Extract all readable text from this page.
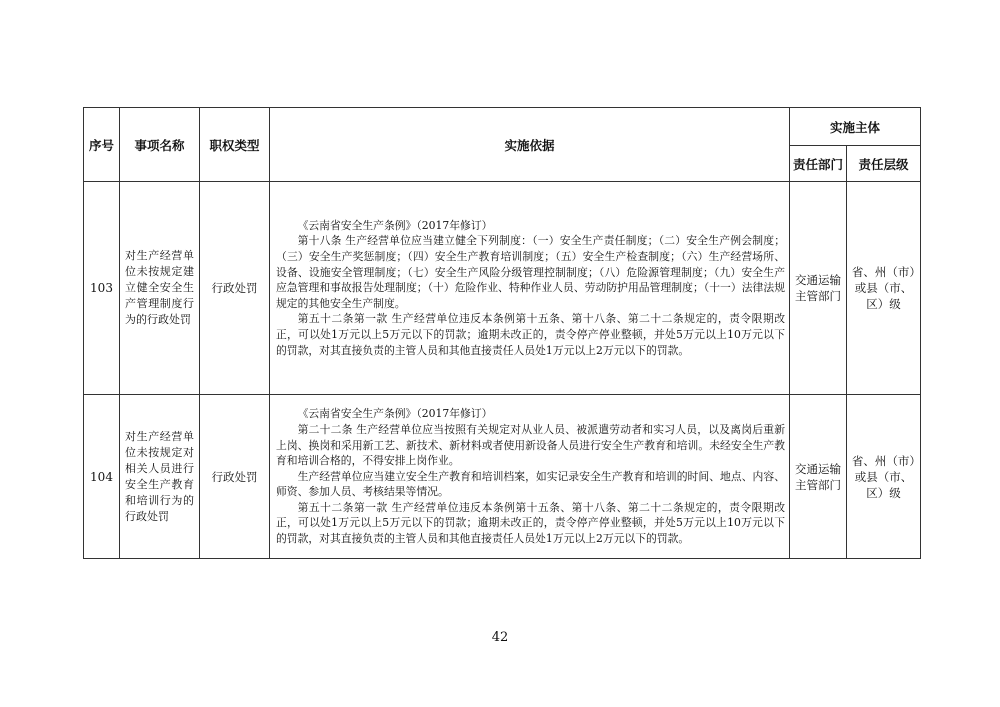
序号	事项名称	职权类型	实施依据	实施主体	
				责任部门	责任层级
103	对生产经营单位未按规定建立健全安全生产管理制度行为的行政处罚	行政处罚	《云南省安全生产条例》（2017年修订）

第十八条 生产经营单位应当建立健全下列制度：（一）安全生产责任制度；（二）安全生产例会制度；（三）安全生产奖惩制度；（四）安全生产教育培训制度；（五）安全生产检查制度；（六）生产经营场所、设备、设施安全管理制度；（七）安全生产风险分级管理控制制度；（八）危险源管理制度；（九）安全生产应急管理和事故报告处理制度；（十）危险作业、特种作业人员、劳动防护用品管理制度；（十一）法律法规规定的其他安全生产制度。

第五十二条第一款 生产经营单位违反本条例第十五条、第十八条、第二十二条规定的，责令限期改正，可以处1万元以上5万元以下的罚款；逾期未改正的，责令停产停业整顿，并处5万元以上10万元以下的罚款，对其直接负责的主管人员和其他直接责任人员处1万元以上2万元以下的罚款。	交通运输主管部门	省、州（市）或县（市、区）级
104	对生产经营单位未按规定对相关人员进行安全生产教育和培训行为的行政处罚	行政处罚	《云南省安全生产条例》（2017年修订）

第二十二条 生产经营单位应当按照有关规定对从业人员、被派遣劳动者和实习人员，以及离岗后重新上岗、换岗和采用新工艺、新技术、新材料或者使用新设备人员进行安全生产教育和培训。未经安全生产教育和培训合格的，不得安排上岗作业。

生产经营单位应当建立安全生产教育和培训档案，如实记录安全生产教育和培训的时间、地点、内容、师资、参加人员、考核结果等情况。

第五十二条第一款 生产经营单位违反本条例第十五条、第十八条、第二十二条规定的，责令限期改正，可以处1万元以上5万元以下的罚款；逾期未改正的，责令停产停业整顿，并处5万元以上10万元以下的罚款，对其直接负责的主管人员和其他直接责任人员处1万元以上2万元以下的罚款。	交通运输主管部门	省、州（市）或县（市、区）级
42
